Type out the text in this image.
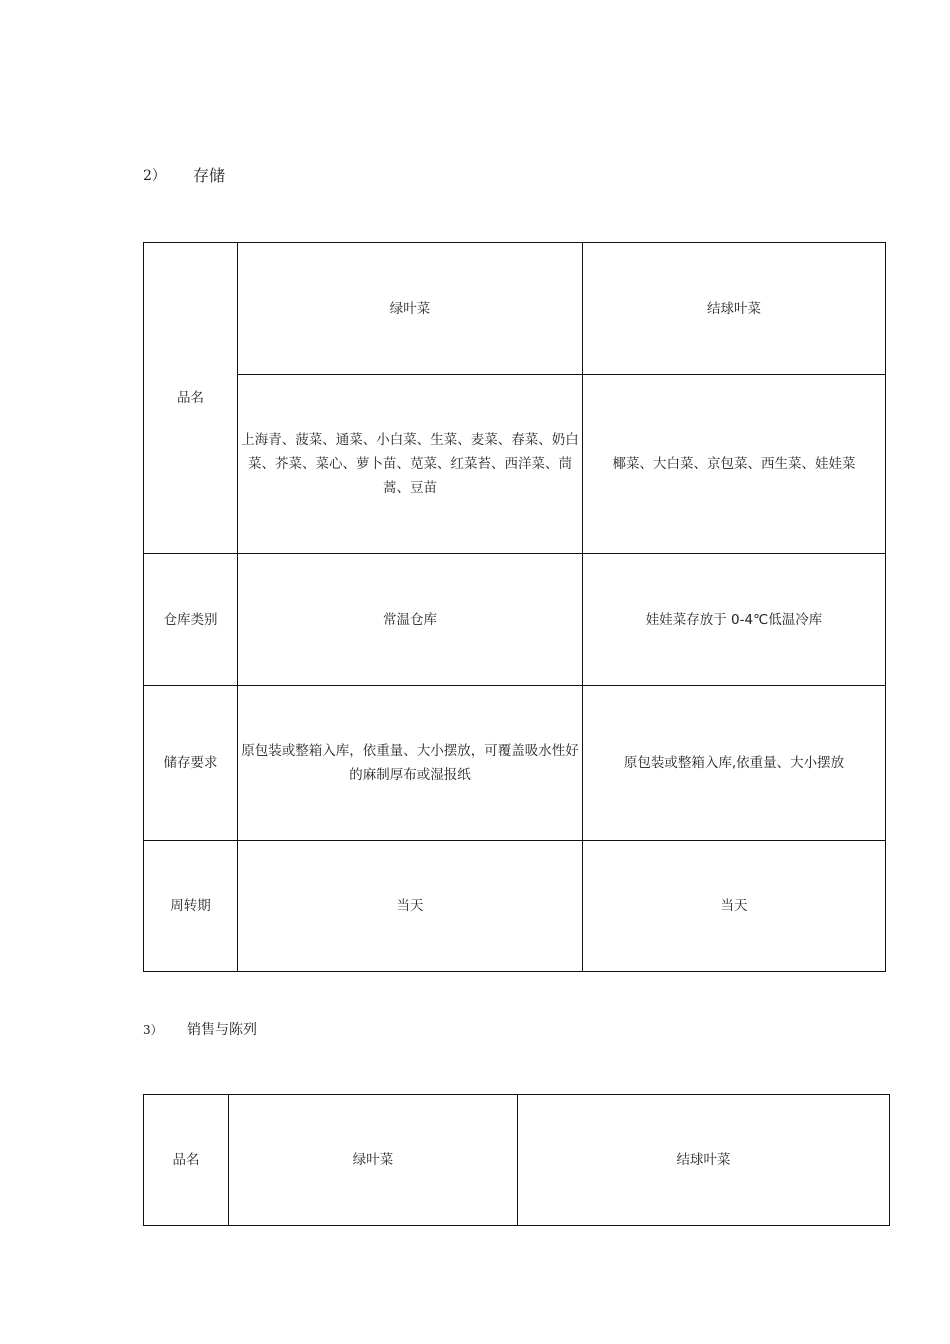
2）	存储
品名	绿叶菜	结球叶菜
	上海青、菠菜、通菜、小白菜、生菜、麦菜、春菜、奶白菜、芥菜、菜心、萝卜苗、苋菜、红菜苔、西洋菜、茼蒿、豆苗	椰菜、大白菜、京包菜、西生菜、娃娃菜
仓库类别	常温仓库	娃娃菜存放于 0-4℃低温冷库
储存要求	原包装或整箱入库，依重量、大小摆放，可覆盖吸水性好的麻制厚布或湿报纸	原包装或整箱入库,依重量、大小摆放
周转期	当天	当天
3）	销售与陈列
品名	绿叶菜	结球叶菜
